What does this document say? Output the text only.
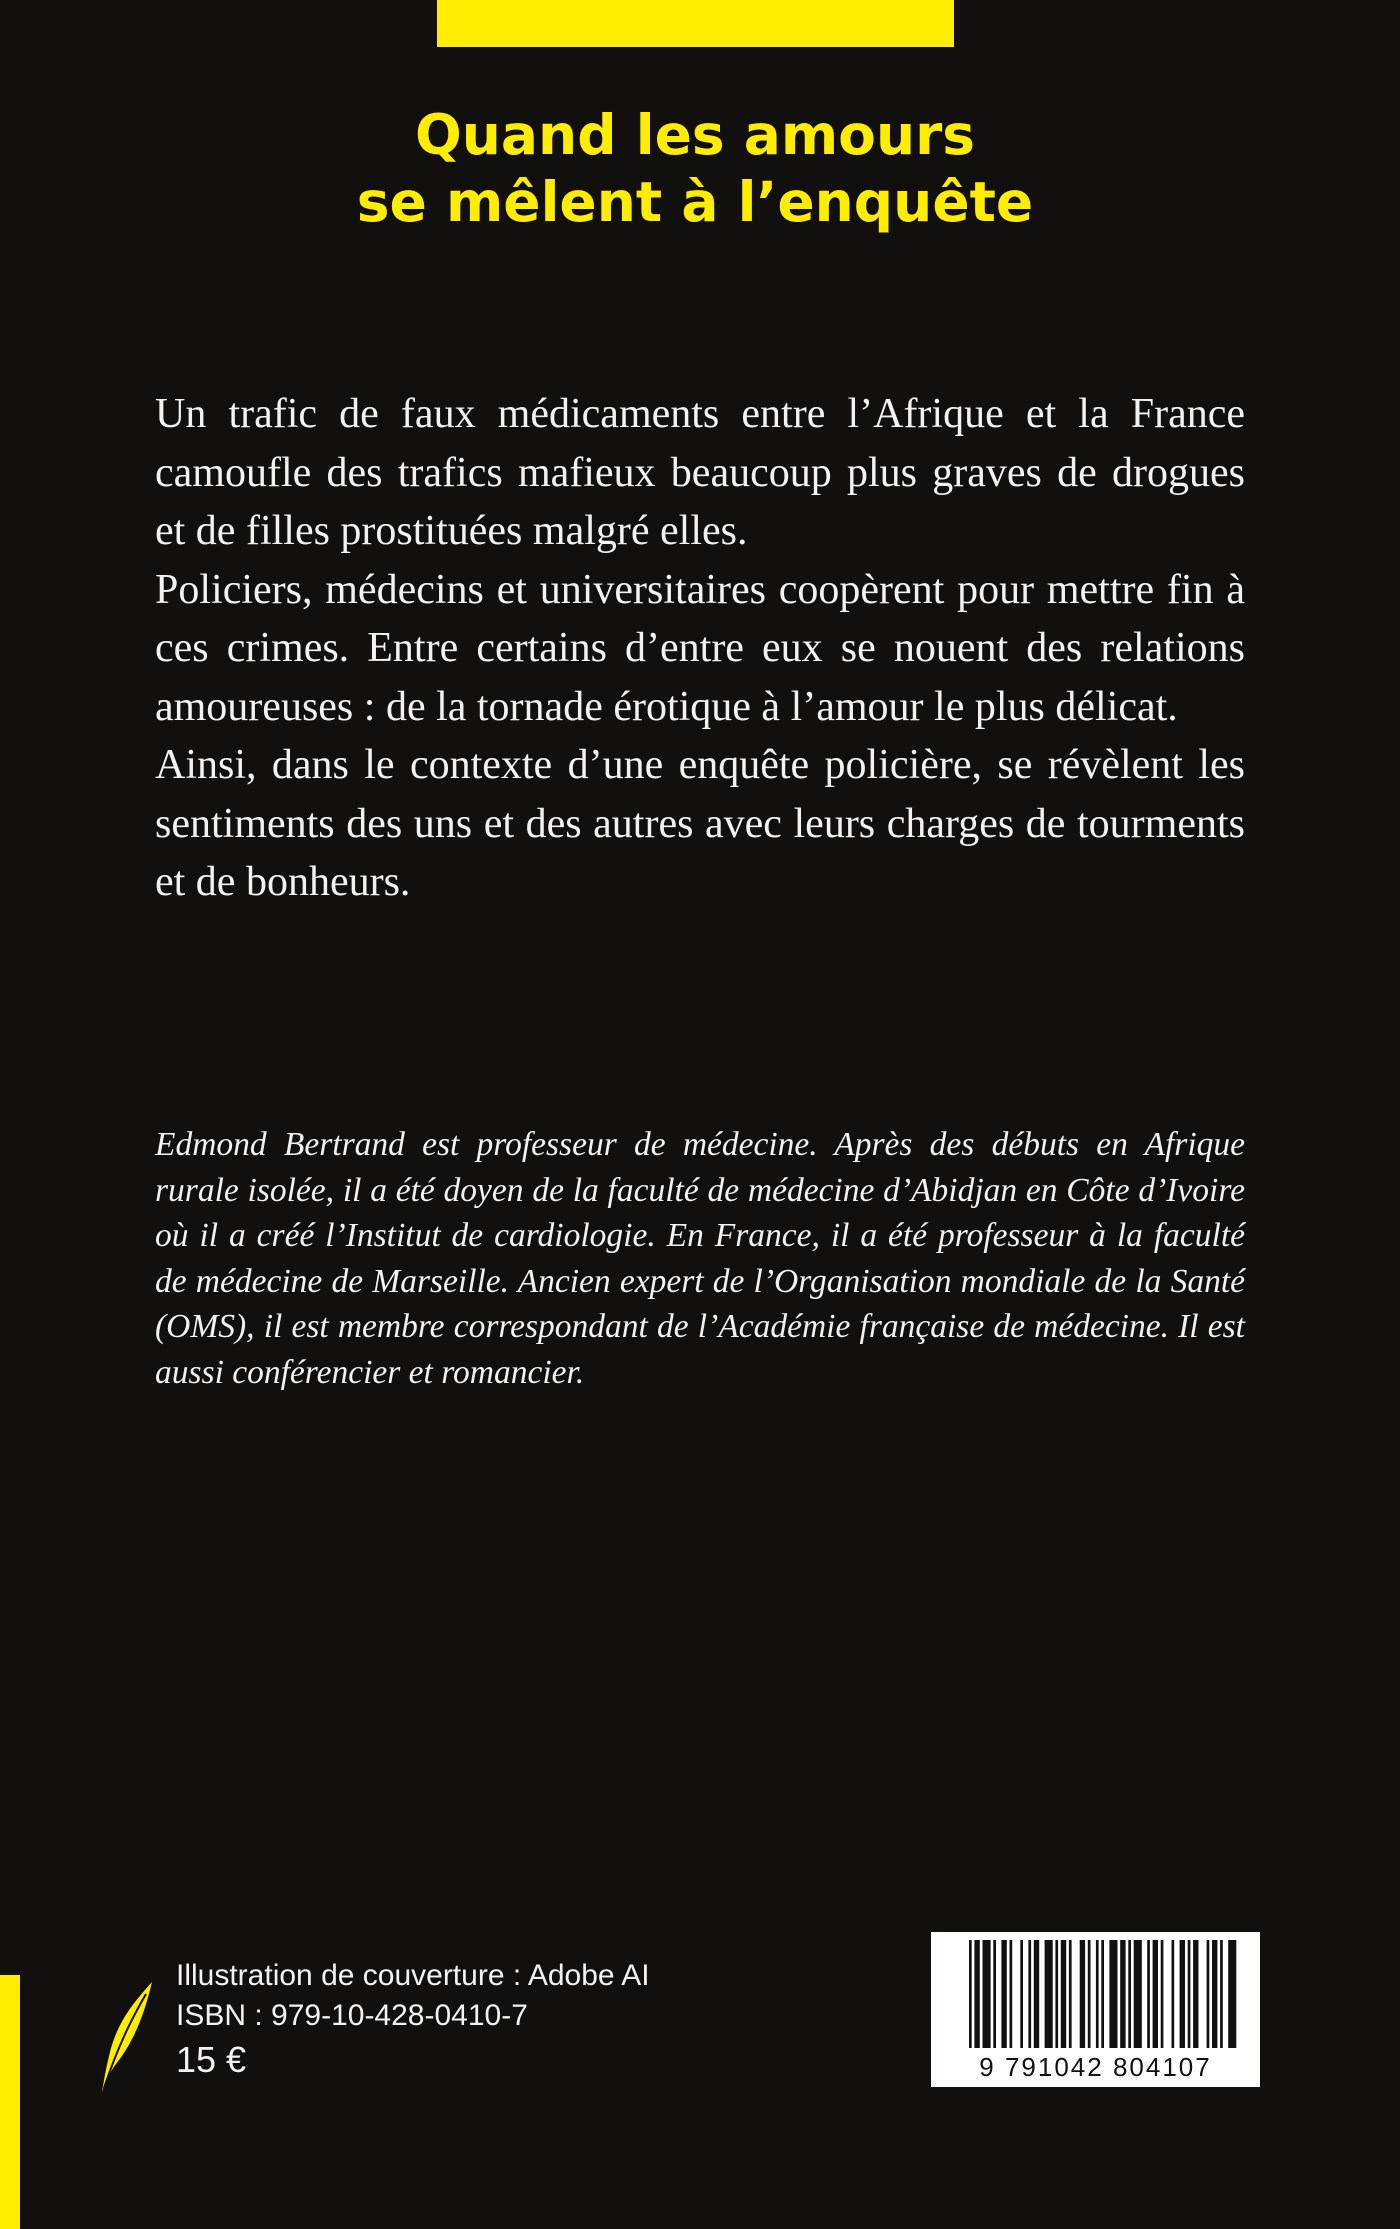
Quand les amours
se mêlent à l’enquête

Un trafic de faux médicaments entre l’Afrique et la France camoufle des trafics mafieux beaucoup plus graves de drogues et de filles prostituées malgré elles.

Policiers, médecins et universitaires coopèrent pour mettre fin à ces crimes. Entre certains d’entre eux se nouent des relations amoureuses : de la tornade érotique à l’amour le plus délicat.

Ainsi, dans le contexte d’une enquête policière, se révèlent les sentiments des uns et des autres avec leurs charges de tourments et de bonheurs.

Edmond Bertrand est professeur de médecine. Après des débuts en Afrique rurale isolée, il a été doyen de la faculté de médecine d’Abidjan en Côte d’Ivoire où il a créé l’Institut de cardiologie. En France, il a été professeur à la faculté de médecine de Marseille. Ancien expert de l’Organisation mondiale de la Santé (OMS), il est membre correspondant de l’Académie française de médecine. Il est aussi conférencier et romancier.

Illustration de couverture : Adobe AI
ISBN : 979-10-428-0410-7
15 €	9 791042 804107
